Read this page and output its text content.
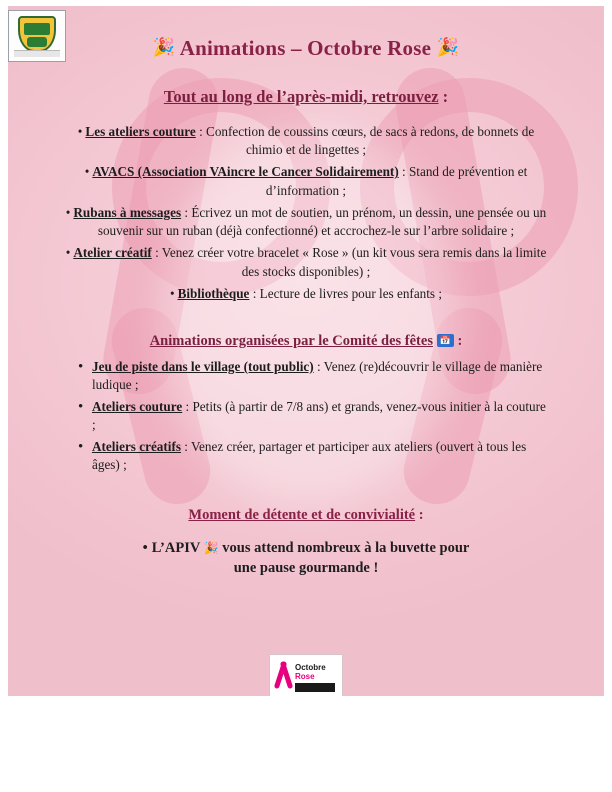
🎉 Animations – Octobre Rose 🎉
Tout au long de l’après-midi, retrouvez :
• Les ateliers couture : Confection de coussins cœurs, de sacs à redons, de bonnets de chimio et de lingettes ;
• AVACS (Association VAincre le Cancer Solidairement) : Stand de prévention et d’information ;
• Rubans à messages : Écrivez un mot de soutien, un prénom, un dessin, une pensée ou un souvenir sur un ruban (déjà confectionné) et accrochez-le sur l’arbre solidaire ;
• Atelier créatif : Venez créer votre bracelet « Rose » (un kit vous sera remis dans la limite des stocks disponibles) ;
• Bibliothèque : Lecture de livres pour les enfants ;
Animations organisées par le Comité des fêtes 📅 :
• Jeu de piste dans le village (tout public) : Venez (re)découvrir le village de manière ludique ;
• Ateliers couture : Petits (à partir de 7/8 ans) et grands, venez-vous initier à la couture ;
• Ateliers créatifs : Venez créer, partager et participer aux ateliers (ouvert à tous les âges) ;
Moment de détente et de convivialité :
• L’APIV 🎉 vous attend nombreux à la buvette pour
une pause gourmande !
Octobre
Rose
